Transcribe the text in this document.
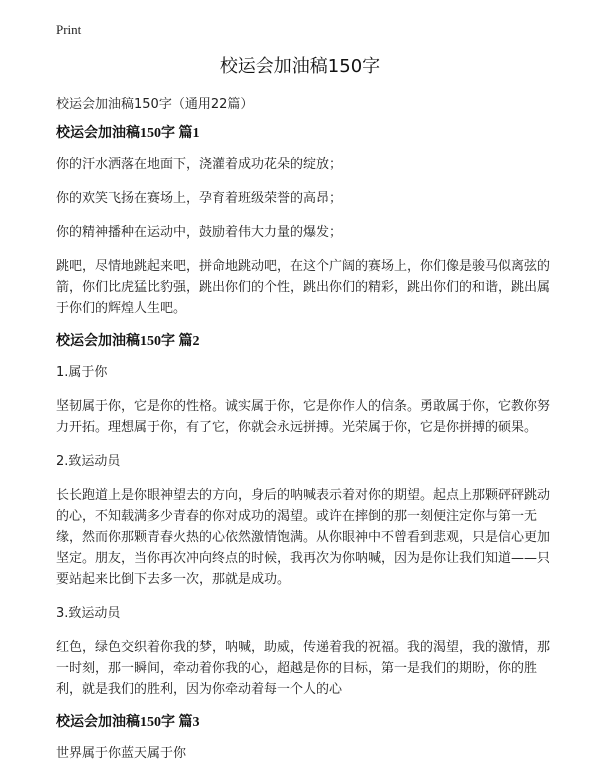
Print
校运会加油稿150字
校运会加油稿150字（通用22篇）
校运会加油稿150字 篇1

你的汗水洒落在地面下，浇灌着成功花朵的绽放；

你的欢笑飞扬在赛场上，孕育着班级荣誉的高昂；

你的精神播种在运动中，鼓励着伟大力量的爆发；

跳吧，尽情地跳起来吧，拼命地跳动吧，在这个广阔的赛场上，你们像是骏马似离弦的箭，你们比虎猛比豹强，跳出你们的个性，跳出你们的精彩，跳出你们的和谐，跳出属于你们的辉煌人生吧。

校运会加油稿150字 篇2

1.属于你

坚韧属于你，它是你的性格。诚实属于你，它是你作人的信条。勇敢属于你，它教你努力开拓。理想属于你，有了它，你就会永远拼搏。光荣属于你，它是你拼搏的硕果。

2.致运动员

长长跑道上是你眼神望去的方向，身后的呐喊表示着对你的期望。起点上那颗砰砰跳动的心，不知载满多少青春的你对成功的渴望。或许在摔倒的那一刻便注定你与第一无缘，然而你那颗青春火热的心依然激情饱满。从你眼神中不曾看到悲观，只是信心更加坚定。朋友，当你再次冲向终点的时候，我再次为你呐喊，因为是你让我们知道——只要站起来比倒下去多一次，那就是成功。

3.致运动员

红色，绿色交织着你我的梦，呐喊，助威，传递着我的祝福。我的渴望，我的激情，那一时刻，那一瞬间，牵动着你我的心，超越是你的目标，第一是我们的期盼，你的胜利，就是我们的胜利，因为你牵动着每一个人的心

校运会加油稿150字 篇3

世界属于你蓝天属于你
